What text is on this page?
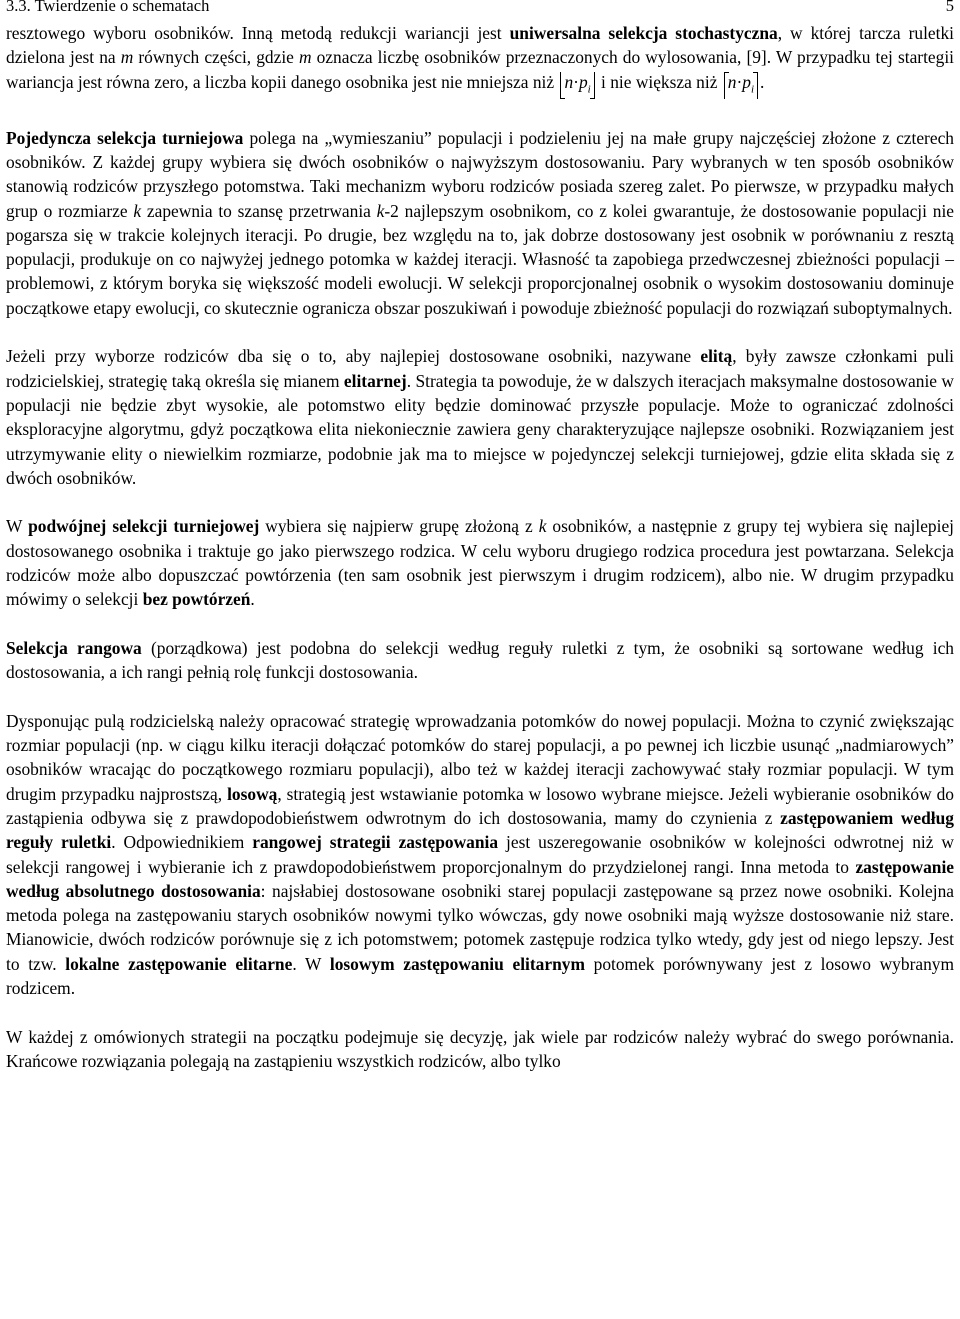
3.3. Twierdzenie o schematach	5

resztowego wyboru osobników. Inną metodą redukcji wariancji jest uniwersalna selekcja stochastyczna, w której tarcza ruletki dzielona jest na m równych części, gdzie m oznacza liczbę osobników przeznaczonych do wylosowania, [9]. W przypadku tej startegii wariancja jest równa zero, a liczba kopii danego osobnika jest nie mniejsza niż $n\cdot p_i$ i nie większa niż $n\cdot p_i$ .

Pojedyncza selekcja turniejowa polega na „wymieszaniu” populacji i podzieleniu jej na małe grupy najczęściej złożone z czterech osobników. Z każdej grupy wybiera się dwóch osobników o najwyższym dostosowaniu. Pary wybranych w ten sposób osobników stanowią rodziców przyszłego potomstwa. Taki mechanizm wyboru rodziców posiada szereg zalet. Po pierwsze, w przypadku małych grup o rozmiarze k zapewnia to szansę przetrwania k-2 najlepszym osobnikom, co z kolei gwarantuje, że dostosowanie populacji nie pogarsza się w trakcie kolejnych iteracji. Po drugie, bez względu na to, jak dobrze dostosowany jest osobnik w porównaniu z resztą populacji, produkuje on co najwyżej jednego potomka w każdej iteracji. Własność ta zapobiega przedwczesnej zbieżności populacji – problemowi, z którym boryka się większość modeli ewolucji. W selekcji proporcjonalnej osobnik o wysokim dostosowaniu dominuje początkowe etapy ewolucji, co skutecznie ogranicza obszar poszukiwań i powoduje zbieżność populacji do rozwiązań suboptymalnych.

Jeżeli przy wyborze rodziców dba się o to, aby najlepiej dostosowane osobniki, nazywane elitą, były zawsze członkami puli rodzicielskiej, strategię taką określa się mianem elitarnej. Strategia ta powoduje, że w dalszych iteracjach maksymalne dostosowanie w populacji nie będzie zbyt wysokie, ale potomstwo elity będzie dominować przyszłe populacje. Może to ograniczać zdolności eksploracyjne algorytmu, gdyż początkowa elita niekoniecznie zawiera geny charakteryzujące najlepsze osobniki. Rozwiązaniem jest utrzymywanie elity o niewielkim rozmiarze, podobnie jak ma to miejsce w pojedynczej selekcji turniejowej, gdzie elita składa się z dwóch osobników.

W podwójnej selekcji turniejowej wybiera się najpierw grupę złożoną z k osobników, a następnie z grupy tej wybiera się najlepiej dostosowanego osobnika i traktuje go jako pierwszego rodzica. W celu wyboru drugiego rodzica procedura jest powtarzana. Selekcja rodziców może albo dopuszczać powtórzenia (ten sam osobnik jest pierwszym i drugim rodzicem), albo nie. W drugim przypadku mówimy o selekcji bez powtórzeń.

Selekcja rangowa (porządkowa) jest podobna do selekcji według reguły ruletki z tym, że osobniki są sortowane według ich dostosowania, a ich rangi pełnią rolę funkcji dostosowania.

Dysponując pulą rodzicielską należy opracować strategię wprowadzania potomków do nowej populacji. Można to czynić zwiększając rozmiar populacji (np. w ciągu kilku iteracji dołączać potomków do starej populacji, a po pewnej ich liczbie usunąć „nadmiarowych” osobników wracając do początkowego rozmiaru populacji), albo też w każdej iteracji zachowywać stały rozmiar populacji. W tym drugim przypadku najprostszą, losową, strategią jest wstawianie potomka w losowo wybrane miejsce. Jeżeli wybieranie osobników do zastąpienia odbywa się z prawdopodobieństwem odwrotnym do ich dostosowania, mamy do czynienia z zastępowaniem według reguły ruletki. Odpowiednikiem rangowej strategii zastępowania jest uszeregowanie osobników w kolejności odwrotnej niż w selekcji rangowej i wybieranie ich z prawdopodobieństwem proporcjonalnym do przydzielonej rangi. Inna metoda to zastępowanie według absolutnego dostosowania: najsłabiej dostosowane osobniki starej populacji zastępowane są przez nowe osobniki. Kolejna metoda polega na zastępowaniu starych osobników nowymi tylko wówczas, gdy nowe osobniki mają wyższe dostosowanie niż stare. Mianowicie, dwóch rodziców porównuje się z ich potomstwem; potomek zastępuje rodzica tylko wtedy, gdy jest od niego lepszy. Jest to tzw. lokalne zastępowanie elitarne. W losowym zastępowaniu elitarnym potomek porównywany jest z losowo wybranym rodzicem.

W każdej z omówionych strategii na początku podejmuje się decyzję, jak wiele par rodziców należy wybrać do swego porównania. Krańcowe rozwiązania polegają na zastąpieniu wszystkich rodziców, albo tylko
